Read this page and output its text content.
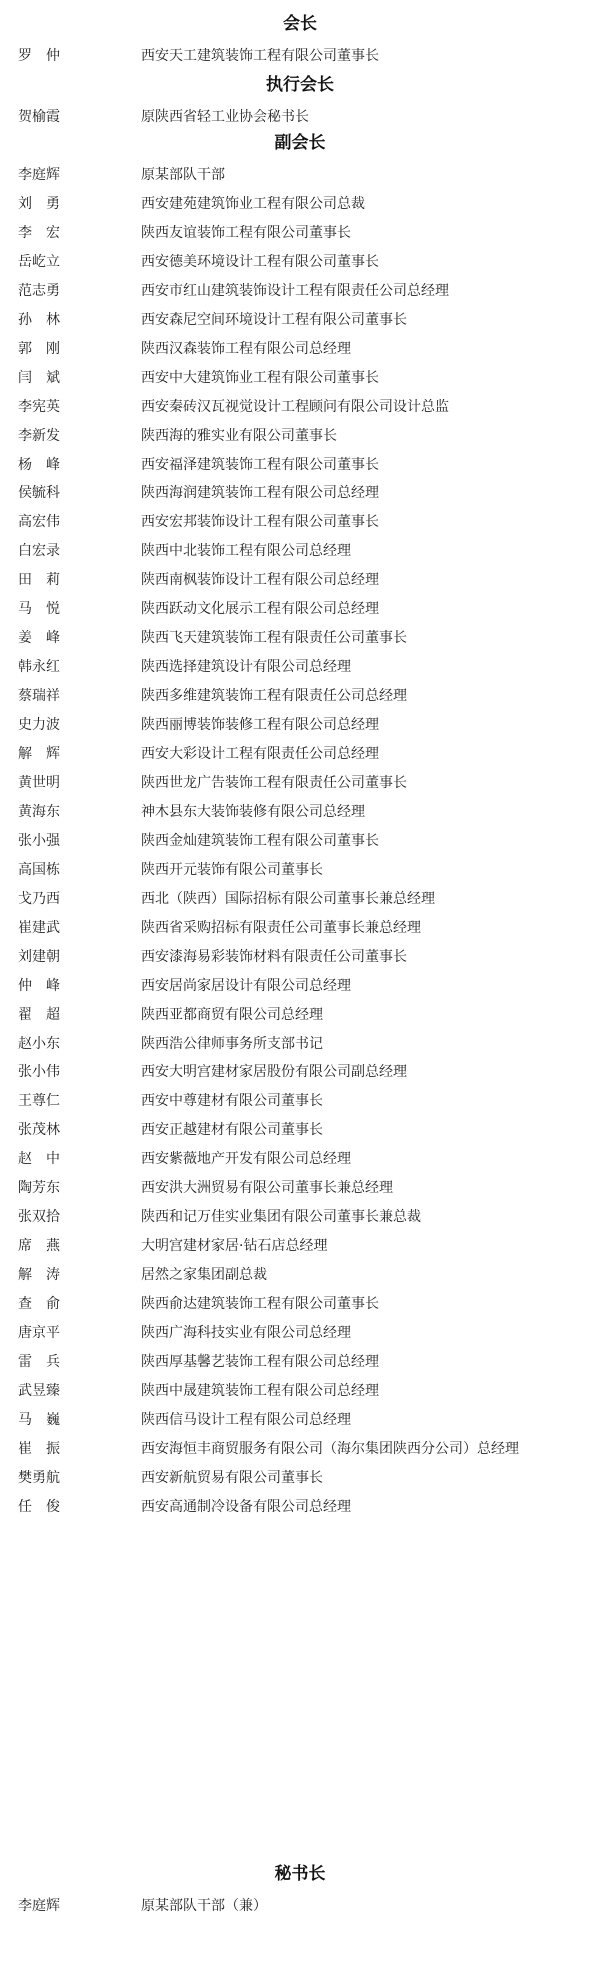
会长
罗　仲	西安天工建筑装饰工程有限公司董事长
执行会长
贺榆霞	原陕西省轻工业协会秘书长
副会长
李庭辉	原某部队干部
刘　勇	西安建苑建筑饰业工程有限公司总裁
李　宏	陕西友谊装饰工程有限公司董事长
岳屹立	西安德美环境设计工程有限公司董事长
范志勇	西安市红山建筑装饰设计工程有限责任公司总经理
孙　林	西安森尼空间环境设计工程有限公司董事长
郭　刚	陕西汉森装饰工程有限公司总经理
闫　斌	西安中大建筑饰业工程有限公司董事长
李宪英	西安秦砖汉瓦视觉设计工程顾问有限公司设计总监
李新发	陕西海的雅实业有限公司董事长
杨　峰	西安福泽建筑装饰工程有限公司董事长
侯毓科	陕西海润建筑装饰工程有限公司总经理
高宏伟	西安宏邦装饰设计工程有限公司董事长
白宏录	陕西中北装饰工程有限公司总经理
田　莉	陕西南枫装饰设计工程有限公司总经理
马　悦	陕西跃动文化展示工程有限公司总经理
姜　峰	陕西飞天建筑装饰工程有限责任公司董事长
韩永红	陕西选择建筑设计有限公司总经理
蔡瑞祥	陕西多维建筑装饰工程有限责任公司总经理
史力波	陕西丽博装饰装修工程有限公司总经理
解　辉	西安大彩设计工程有限责任公司总经理
黄世明	陕西世龙广告装饰工程有限责任公司董事长
黄海东	神木县东大装饰装修有限公司总经理
张小强	陕西金灿建筑装饰工程有限公司董事长
高国栋	陕西开元装饰有限公司董事长
戈乃西	西北（陕西）国际招标有限公司董事长兼总经理
崔建武	陕西省采购招标有限责任公司董事长兼总经理
刘建朝	西安漆海易彩装饰材料有限责任公司董事长
仲　峰	西安居尚家居设计有限公司总经理
翟　超	陕西亚都商贸有限公司总经理
赵小东	陕西浩公律师事务所支部书记
张小伟	西安大明宫建材家居股份有限公司副总经理
王尊仁	西安中尊建材有限公司董事长
张茂林	西安正越建材有限公司董事长
赵　中	西安紫薇地产开发有限公司总经理
陶芳东	西安洪大洲贸易有限公司董事长兼总经理
张双拾	陕西和记万佳实业集团有限公司董事长兼总裁
席　燕	大明宫建材家居·钻石店总经理
解　涛	居然之家集团副总裁
查　俞	陕西俞达建筑装饰工程有限公司董事长
唐京平	陕西广海科技实业有限公司总经理
雷　兵	陕西厚基馨艺装饰工程有限公司总经理
武昱臻	陕西中晟建筑装饰工程有限公司总经理
马　巍	陕西信马设计工程有限公司总经理
崔　振	西安海恒丰商贸服务有限公司（海尔集团陕西分公司）总经理
樊勇航	西安新航贸易有限公司董事长
任　俊	西安高通制冷设备有限公司总经理
秘书长
李庭辉	原某部队干部（兼）
